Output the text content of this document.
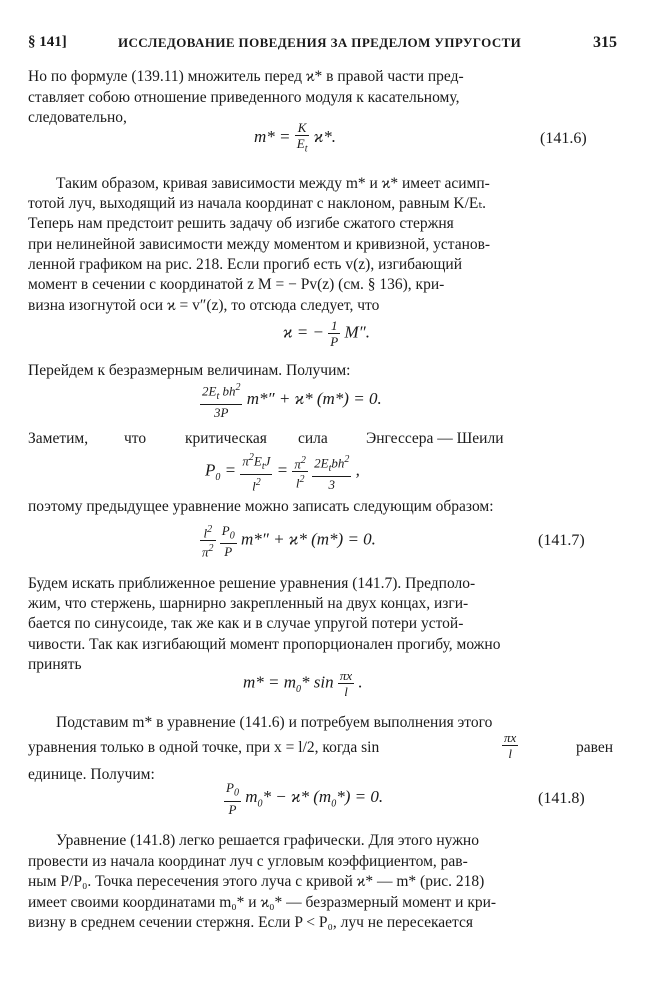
§ 141]	ИССЛЕДОВАНИЕ ПОВЕДЕНИЯ ЗА ПРЕДЕЛОМ УПРУГОСТИ	315
Но по формуле (139.11) множитель перед ϰ* в правой части пред-
ставляет собою отношение приведенного модуля к касательному,
следовательно,
$m* = \frac{K}{E_t} ϰ*$.	(141.6)
Таким образом, кривая зависимости между m* и ϰ* имеет асимп-
тотой луч, выходящий из начала координат с наклоном, равным K/Eₜ.
Теперь нам предстоит решить задачу об изгибе сжатого стержня
при нелинейной зависимости между моментом и кривизной, установ-
ленной графиком на рис. 218. Если прогиб есть v(z), изгибающий
момент в сечении с координатой z M = − Pv(z) (см. § 136), кри-
визна изогнутой оси ϰ = v″(z), то отсюда следует, что
ϰ = − $\frac{1}{P} M''$.
Перейдем к безразмерным величинам. Получим:
$\frac{2E_t bh^2}{3P} m*'' + ϰ*$ (m*) = 0.
Заметим, что	критическая сила Энгессера — Шеили
$P_0 = \frac{\pi^2E_tJ}{l^2} = \frac{\pi^2}{l^2}$
$\frac{2E_tbh^2}{3}$ ,
поэтому предыдущее уравнение можно записать следующим образом:
$\frac{l^2}{\pi^2}$
$\frac{P_0}{P} m*'' + ϰ*$ (m*) = 0.	(141.7)
Будем искать приближенное решение уравнения (141.7). Предполо-
жим, что стержень, шарнирно закрепленный на двух концах, изги-
бается по синусоиде, так же как и в случае упругой потери устой-
чивости. Так как изгибающий момент пропорционален прогибу, можно
принять
$m* = m_0*$ $\sin \frac{\pi x}{l}$ .
Подставим m* в уравнение (141.6) и потребуем выполнения этого
уравнения только в одной точке, при x = l/2, когда sin	$\frac{\pi x}{l}$	равен
единице. Получим:
$\frac{P_0}{P} m_0* - ϰ*$ $(m_0*) = 0$.	(141.8)
Уравнение (141.8) легко решается графически. Для этого нужно
провести из начала координат луч с угловым коэффициентом, рав-
ным P/P₀. Точка пересечения этого луча с кривой ϰ* — m* (рис. 218)
имеет своими координатами m₀* и ϰ₀* — безразмерный момент и кри-
визну в среднем сечении стержня. Если P < P₀, луч не пересекается
